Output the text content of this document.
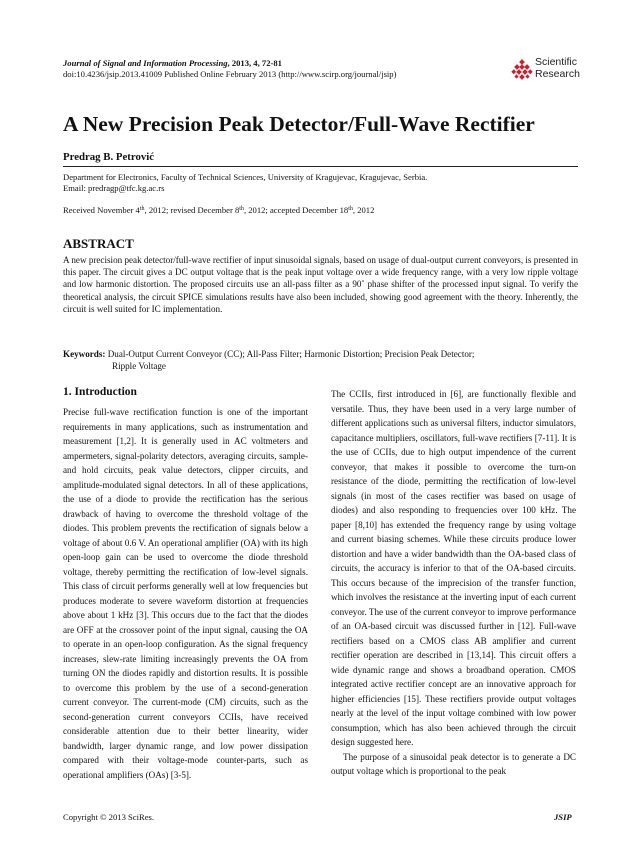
Journal of Signal and Information Processing, 2013, 4, 72-81
doi:10.4236/jsip.2013.41009 Published Online February 2013 (http://www.scirp.org/journal/jsip)
Scientific
Research
A New Precision Peak Detector/Full-Wave Rectifier
Predrag B. Petrović
Department for Electronics, Faculty of Technical Sciences, University of Kragujevac, Kragujevac, Serbia.
Email: predragp@tfc.kg.ac.rs
Received November 4th, 2012; revised December 8th, 2012; accepted December 18th, 2012
ABSTRACT
A new precision peak detector/full-wave rectifier of input sinusoidal signals, based on usage of dual-output current conveyors, is presented in this paper. The circuit gives a DC output voltage that is the peak input voltage over a wide frequency range, with a very low ripple voltage and low harmonic distortion. The proposed circuits use an all-pass filter as a 90˚ phase shifter of the processed input signal. To verify the theoretical analysis, the circuit SPICE simulations results have also been included, showing good agreement with the theory. Inherently, the circuit is well suited for IC implementation.
Keywords: Dual-Output Current Conveyor (CC); All-Pass Filter; Harmonic Distortion; Precision Peak Detector;
Ripple Voltage
1. Introduction
Precise full-wave rectification function is one of the important requirements in many applications, such as instrumentation and measurement [1,2]. It is generally used in AC voltmeters and ampermeters, signal-polarity detectors, averaging circuits, sample-and hold circuits, peak value detectors, clipper circuits, and amplitude-modulated signal detectors. In all of these applications, the use of a diode to provide the rectification has the serious drawback of having to overcome the threshold voltage of the diodes. This problem prevents the rectification of signals below a voltage of about 0.6 V. An operational amplifier (OA) with its high open-loop gain can be used to overcome the diode threshold voltage, thereby permitting the rectification of low-level signals. This class of circuit performs generally well at low frequencies but produces moderate to severe waveform distortion at frequencies above about 1 kHz [3]. This occurs due to the fact that the diodes are OFF at the crossover point of the input signal, causing the OA to operate in an open-loop configuration. As the signal frequency increases, slew-rate limiting increasingly prevents the OA from turning ON the diodes rapidly and distortion results. It is possible to overcome this problem by the use of a second-generation current conveyor. The current-mode (CM) circuits, such as the second-generation current conveyors CCIIs, have received considerable attention due to their better linearity, wider bandwidth, larger dynamic range, and low power dissipation compared with their voltage-mode counter-parts, such as operational amplifiers (OAs) [3-5].
The CCIIs, first introduced in [6], are functionally flexible and versatile. Thus, they have been used in a very large number of different applications such as universal filters, inductor simulators, capacitance multipliers, oscillators, full-wave rectifiers [7-11]. It is the use of CCIIs, due to high output impendence of the current conveyor, that makes it possible to overcome the turn-on resistance of the diode, permitting the rectification of low-level signals (in most of the cases rectifier was based on usage of diodes) and also responding to frequencies over 100 kHz. The paper [8,10] has extended the frequency range by using voltage and current biasing schemes. While these circuits produce lower distortion and have a wider bandwidth than the OA-based class of circuits, the accuracy is inferior to that of the OA-based circuits. This occurs because of the imprecision of the transfer function, which involves the resistance at the inverting input of each current conveyor. The use of the current conveyor to improve performance of an OA-based circuit was discussed further in [12]. Full-wave rectifiers based on a CMOS class AB amplifier and current rectifier operation are described in [13,14]. This circuit offers a wide dynamic range and shows a broadband operation. CMOS integrated active rectifier concept are an innovative approach for higher efficiencies [15]. These rectifiers provide output voltages nearly at the level of the input voltage combined with low power consumption, which has also been achieved through the circuit design suggested here.
The purpose of a sinusoidal peak detector is to generate a DC output voltage which is proportional to the peak
Copyright © 2013 SciRes.	JSIP
